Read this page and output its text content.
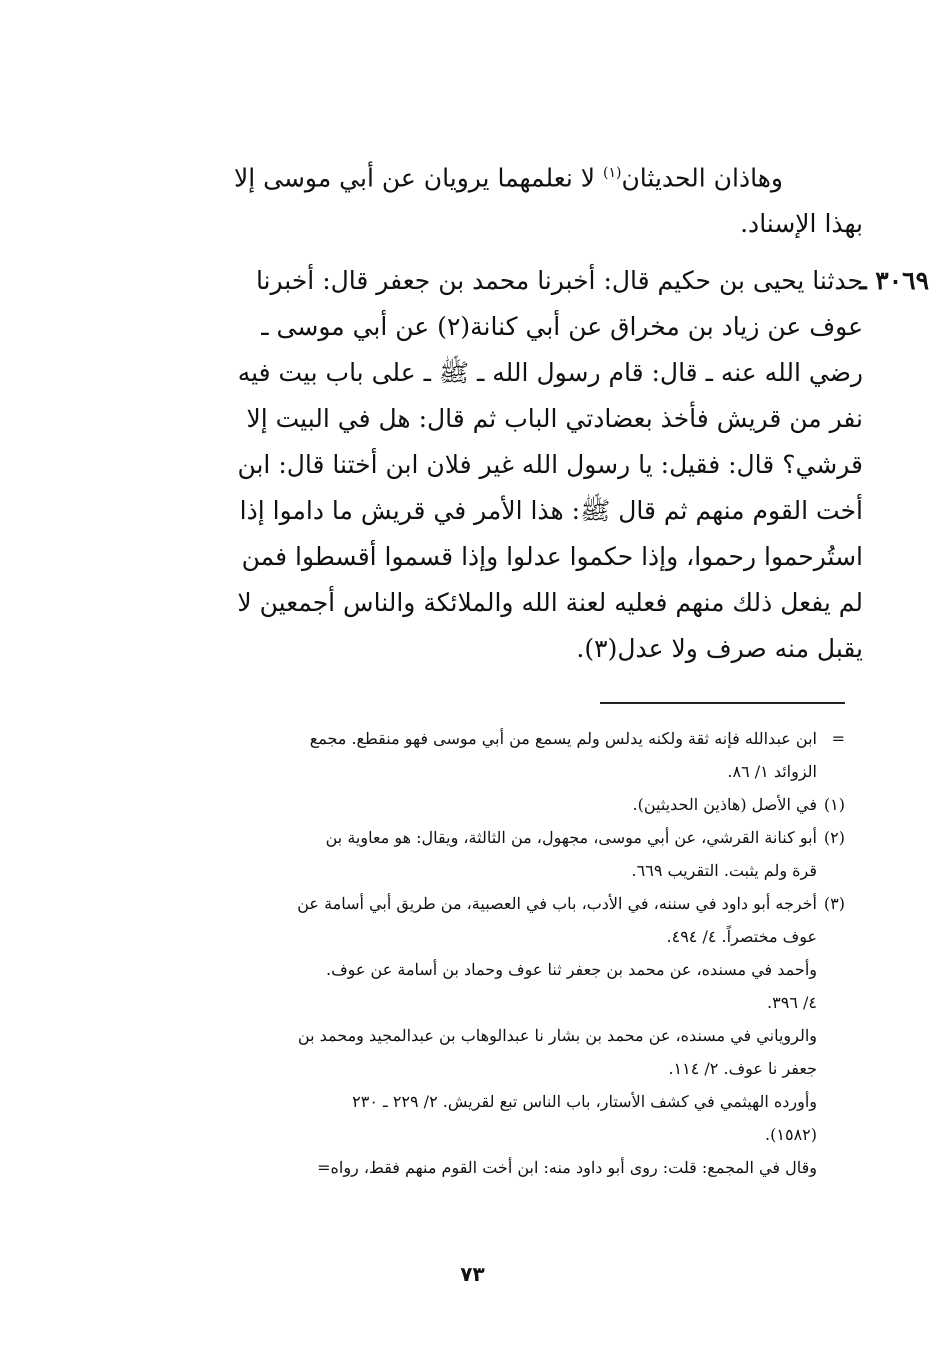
وهاذان الحديثان$^{(١)}$ لا نعلمهما يرويان عن أبي موسى إلا
بهذا الإسناد.
٣٠٦٩ ـ
حدثنا يحيى بن حكيم قال: أخبرنا محمد بن جعفر قال: أخبرنا
عوف عن زياد بن مخراق عن أبي كنانة(٢) عن أبي موسى ـ
رضي الله عنه ـ قال: قام رسول الله ـ ﷺ ـ على باب بيت فيه
نفر من قريش فأخذ بعضادتي الباب ثم قال: هل في البيت إلا
قرشي؟ قال: فقيل: يا رسول الله غير فلان ابن أختنا قال: ابن
أخت القوم منهم ثم قال ﷺ: هذا الأمر في قريش ما داموا إذا
استُرحموا رحموا، وإذا حكموا عدلوا وإذا قسموا أقسطوا فمن
لم يفعل ذلك منهم فعليه لعنة الله والملائكة والناس أجمعين لا
يقبل منه صرف ولا عدل(٣).
=
ابن عبدالله فإنه ثقة ولكنه يدلس ولم يسمع من أبي موسى فهو منقطع. مجمع
الزوائد ١/ ٨٦.
(١)
في الأصل (هاذين الحديثين).
(٢)
أبو كنانة القرشي، عن أبي موسى، مجهول، من الثالثة، ويقال: هو معاوية بن
قرة ولم يثبت. التقريب ٦٦٩.
(٣)
أخرجه أبو داود في سننه، في الأدب، باب في العصبية، من طريق أبي أسامة عن
عوف مختصراً. ٤/ ٤٩٤.
وأحمد في مسنده، عن محمد بن جعفر ثنا عوف وحماد بن أسامة عن عوف.
٤/ ٣٩٦.
والروياني في مسنده، عن محمد بن بشار نا عبدالوهاب بن عبدالمجيد ومحمد بن
جعفر نا عوف. ٢/ ١١٤.
وأورده الهيثمي في كشف الأستار، باب الناس تبع لقريش. ٢/ ٢٢٩ ـ ٢٣٠
(١٥٨٢).
وقال في المجمع: قلت: روى أبو داود منه: ابن أخت القوم منهم فقط، رواه=
٧٣
